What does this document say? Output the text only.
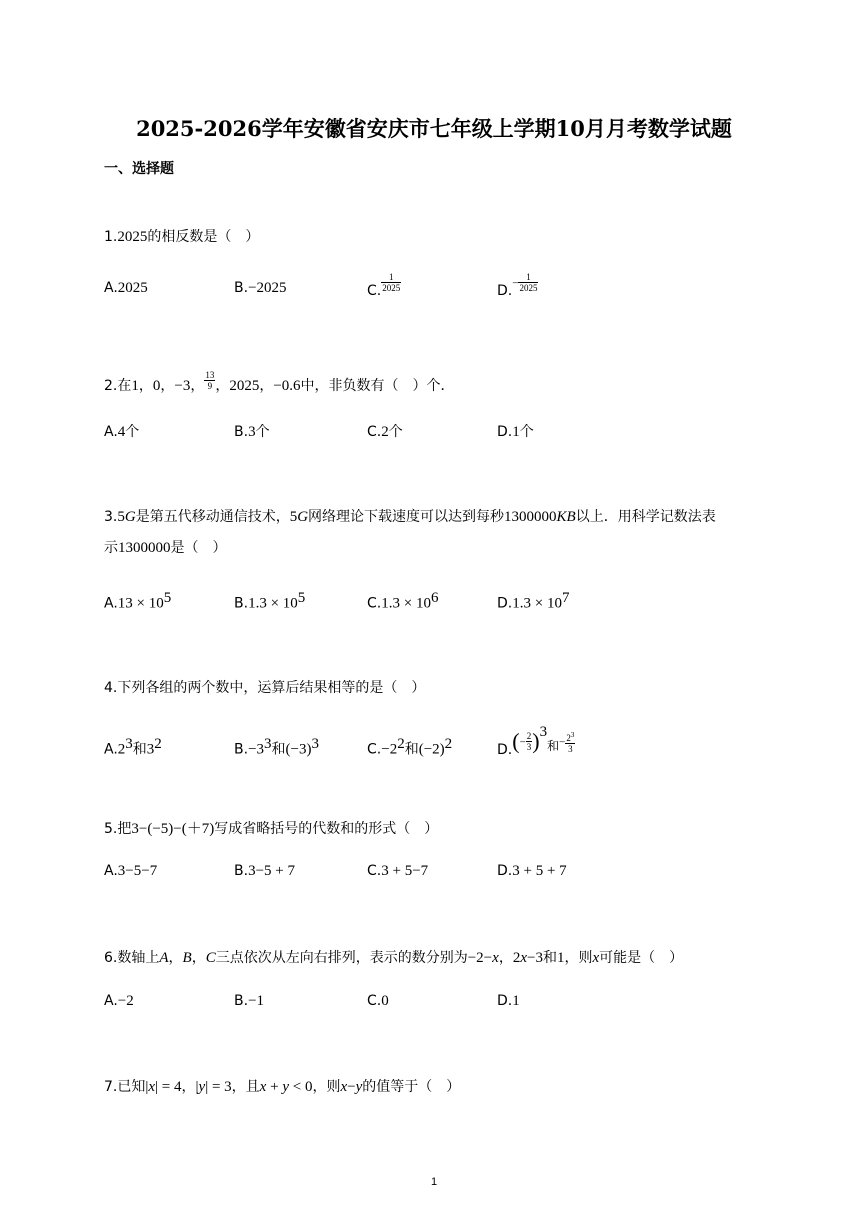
2025-2026学年安徽省安庆市七年级上学期10月月考数学试题
一、选择题
1.2025的相反数是（　）
A.2025	B.−2025	C. $\frac{1}{2025}$	$D.- \frac{1}{2025}$
2.在1，0，−3， $\frac{13}{9}$ ，2025，−0.6中，非负数有（　）个．
A.4个	B.3个	C.2个	D.1个
3.5G是第五代移动通信技术，5G网络理论下载速度可以达到每秒1300000KB以上．用科学记数法表
示1300000是（　）
$A.13 \times 10^5$	$B.1.3 \times 10^5$	$C.1.3 \times 10^6$	$D.1.3 \times 10^7$
4.下列各组的两个数中，运算后结果相等的是（　）
$A.2^3$和$3^2$	$B.-3^3$和$(-3)^3$	$C.-2^2$和$(-2)^2$	$D.(- \frac{2}{3} )^3$和− $\frac{2^3}{3}$
5.把3−(−5)−(＋7)写成省略括号的代数和的形式（　）
A.3−5−7	B.3−5 + 7	C.3 + 5−7	D.3 + 5 + 7
6.数轴上A，B，C三点依次从左向右排列，表示的数分别为−2−x，2x−3和1，则x可能是（　）
A.−2	B.−1	C.0	D.1
7.已知|x| = 4，|y| = 3，且x + y < 0，则x−y的值等于（　）
1
